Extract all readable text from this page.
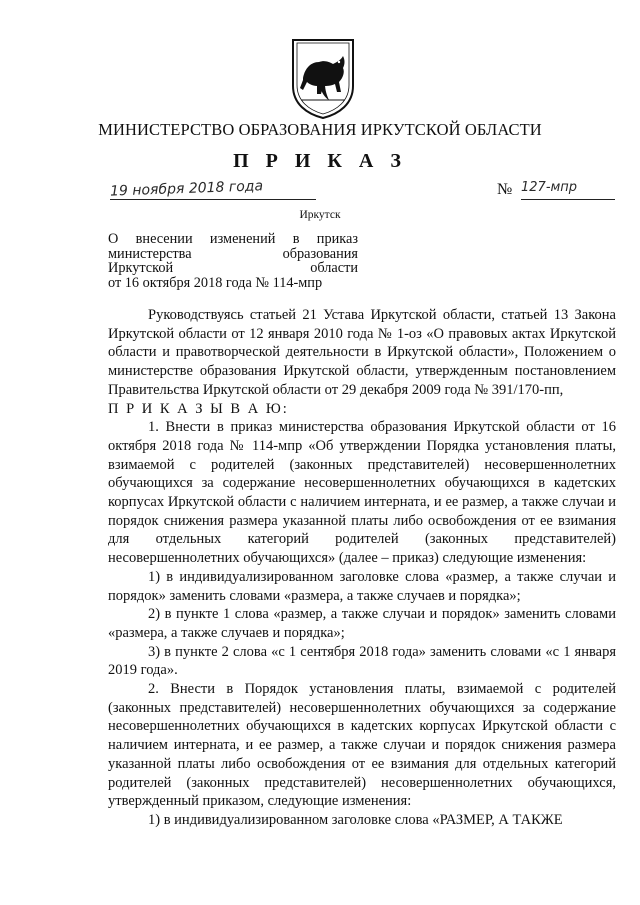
МИНИСТЕРСТВО ОБРАЗОВАНИЯ ИРКУТСКОЙ ОБЛАСТИ
П Р И К А З
19 ноября 2018 года	№ 127-мпр
Иркутск
О внесении изменений в приказ
министерства образования
Иркутской области
от 16 октября 2018 года № 114-мпр

Руководствуясь статьей 21 Устава Иркутской области, статьей 13 Закона Иркутской области от 12 января 2010 года № 1-оз «О правовых актах Иркутской области и правотворческой деятельности в Иркутской области», Положением о министерстве образования Иркутской области, утвержденным постановлением Правительства Иркутской области от 29 декабря 2009 года № 391/170-пп,

П Р И К А З Ы В А Ю:

1. Внести в приказ министерства образования Иркутской области от 16 октября 2018 года № 114-мпр «Об утверждении Порядка установления платы, взимаемой с родителей (законных представителей) несовершеннолетних обучающихся за содержание несовершеннолетних обучающихся в кадетских корпусах Иркутской области с наличием интерната, и ее размер, а также случаи и порядок снижения размера указанной платы либо освобождения от ее взимания для отдельных категорий родителей (законных представителей) несовершеннолетних обучающихся» (далее – приказ) следующие изменения:

1) в индивидуализированном заголовке слова «размер, а также случаи и порядок» заменить словами «размера, а также случаев и порядка»;

2) в пункте 1 слова «размер, а также случаи и порядок» заменить словами «размера, а также случаев и порядка»;

3) в пункте 2 слова «с 1 сентября 2018 года» заменить словами «с 1 января 2019 года».

2. Внести в Порядок установления платы, взимаемой с родителей (законных представителей) несовершеннолетних обучающихся за содержание несовершеннолетних обучающихся в кадетских корпусах Иркутской области с наличием интерната, и ее размер, а также случаи и порядок снижения размера указанной платы либо освобождения от ее взимания для отдельных категорий родителей (законных представителей) несовершеннолетних обучающихся, утвержденный приказом, следующие изменения:

1) в индивидуализированном заголовке слова «РАЗМЕР, А ТАКЖЕ
